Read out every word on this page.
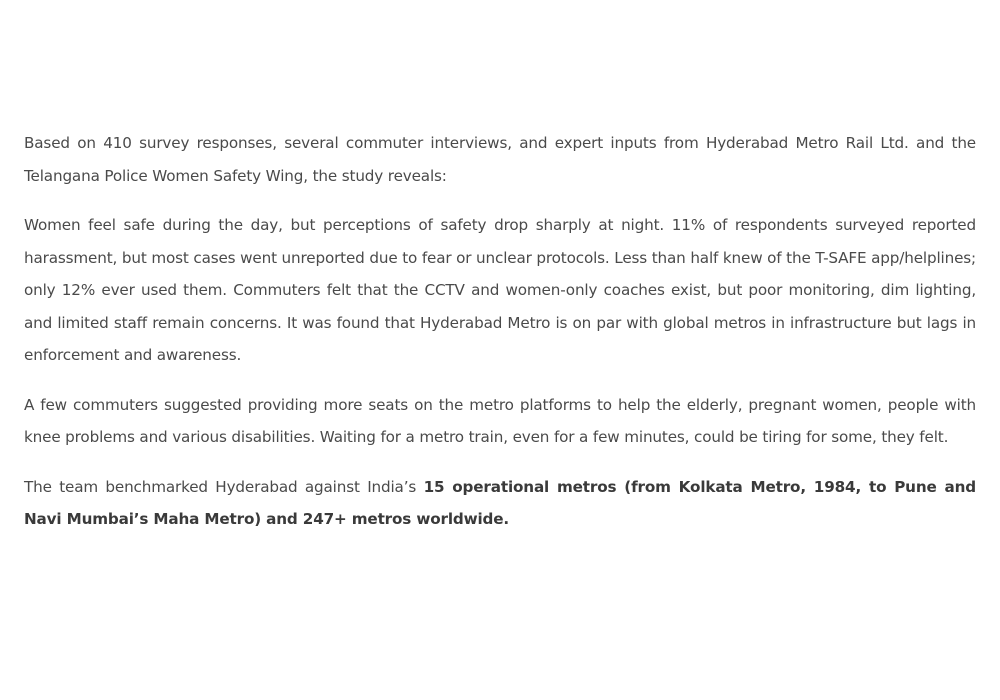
Based on 410 survey responses, several commuter interviews, and expert inputs from Hyderabad Metro Rail Ltd. and the Telangana Police Women Safety Wing, the study reveals:

Women feel safe during the day, but perceptions of safety drop sharply at night. 11% of respondents surveyed reported harassment, but most cases went unreported due to fear or unclear protocols. Less than half knew of the T-SAFE app/helplines; only 12% ever used them. Commuters felt that the CCTV and women-only coaches exist, but poor monitoring, dim lighting, and limited staff remain concerns. It was found that Hyderabad Metro is on par with global metros in infrastructure but lags in enforcement and awareness.

A few commuters suggested providing more seats on the metro platforms to help the elderly, pregnant women, people with knee problems and various disabilities. Waiting for a metro train, even for a few minutes, could be tiring for some, they felt.

The team benchmarked Hyderabad against India’s 15 operational metros (from Kolkata Metro, 1984, to Pune and Navi Mumbai’s Maha Metro) and 247+ metros worldwide.
